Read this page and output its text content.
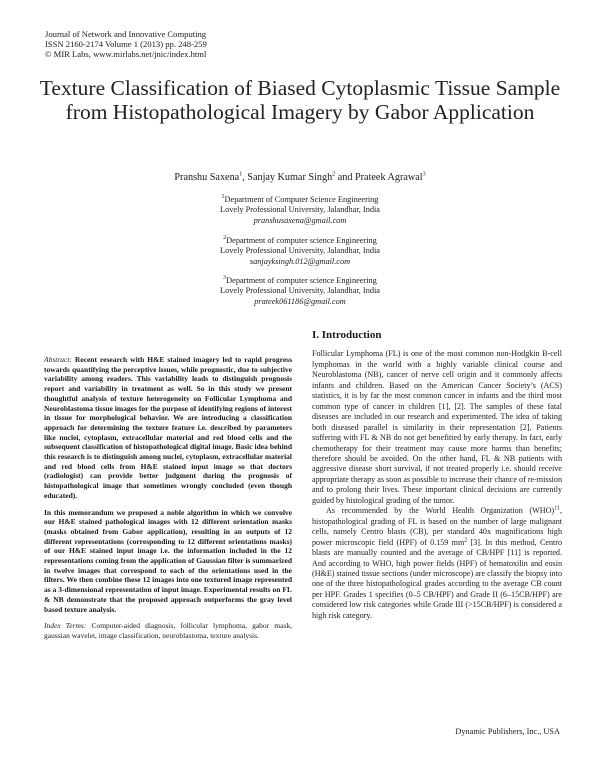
Journal of Network and Innovative Computing
ISSN 2160-2174 Volume 1 (2013) pp. 248-259
© MIR Labs, www.mirlabs.net/jnic/index.html
Texture Classification of Biased Cytoplasmic Tissue Sample from Histopathological Imagery by Gabor Application
Pranshu Saxena$^1$, Sanjay Kumar Singh$^2$ and Prateek Agrawal$^3$
$^1$Department of Computer Science Engineering
Lovely Professional University, Jalandhar, India
pranshusaxena@gmail.com
$^2$Department of computer science Engineering
Lovely Professional University, Jalandhar, India
sanjayksingh.012@gmail.com
$^3$Department of computer science Engineering
Lovely Professional University, Jalandhar, India
prateek061186@gmail.com

Abstract: Recent research with H&E stained imagery led to rapid progress towards quantifying the perceptive issues, while prognostic, due to subjective variability among readers. This variability leads to distinguish prognosis report and variability in treatment as well. So in this study we present thoughtful analysis of texture heterogeneity on Follicular Lymphoma and Neuroblastoma tissue images for the purpose of identifying regions of interest in tissue for morphological behavior. We are introducing a classification approach for determining the texture feature i.e. described by parameters like nuclei, cytoplasm, extracellular material and red blood cells and the subsequent classification of histopathological digital image. Basic idea behind this research is to distinguish among nuclei, cytoplasm, extracellular material and red blood cells from H&E stained input image so that doctors (radiologist) can provide better judgment during the prognosis of histopathological image that sometimes wrongly concluded (even though educated).

In this memorandum we proposed a noble algorithm in which we convolve our H&E stained pathological images with 12 different orientation masks (masks obtained from Gabor application), resulting in an outputs of 12 different representations (corresponding to 12 different orientations masks) of our H&E stained input image i.e. the information included in the 12 representations coming from the application of Gaussian filter is summarized in twelve images that correspond to each of the orientations used in the filters. We then combine these 12 images into one textured image represented as a 3-dimensional representation of input image. Experimental results on FL & NB demonstrate that the proposed approach outperforms the gray level based texture analysis.

Index Terms: Computer-aided diagnosis, follicular lymphoma, gabor mask, gaussian wavelet, image classification, neuroblastoma, texture analysis.

I. Introduction

Follicular Lymphoma (FL) is one of the most common non-Hodgkin B-cell lymphomas in the world with a highly variable clinical course and Neuroblastoma (NB), cancer of nerve cell origin and it commonly affects infants and children. Based on the American Cancer Society’s (ACS) statistics, it is by far the most common cancer in infants and the third most common type of cancer in children [1], [2]. The samples of these fatal diseases are included in our research and experimented. The idea of taking both diseased parallel is similarity in their representation [2]. Patients suffering with FL & NB do not get benefitted by early therapy. In fact, early chemotherapy for their treatment may cause more harms than benefits; therefore should be avoided. On the other hand, FL & NB patients with aggressive disease short survival, if not treated properly i.e. should receive appropriate therapy as soon as possible to increase their chance of re-mission and to prolong their lives. These important clinical decisions are currently guided by histological grading of the tumor.

As recommended by the World Health Organization (WHO)$^{11}$, histopathological grading of FL is based on the number of large malignant cells, namely Centro blasts (CB), per standard 40x magnifications high power microscopic field (HPF) of 0.159 $mm^2$ [3]. In this method, Centro blasts are manually counted and the average of CB/HPF [11] is reported. And according to WHO, high power fields (HPF) of hematoxilin and eosin (H&E) stained tissue sections (under microscope) are classify the biopsy into one of the three histopathological grades according to the average CB count per HPF. Grades 1 specifies (0–5 CB/HPF) and Grade II (6–15CB/HPF) are considered low risk categories while Grade III (>15CB/HPF) is considered a high risk category.

Dynamic Publishers, Inc., USA
